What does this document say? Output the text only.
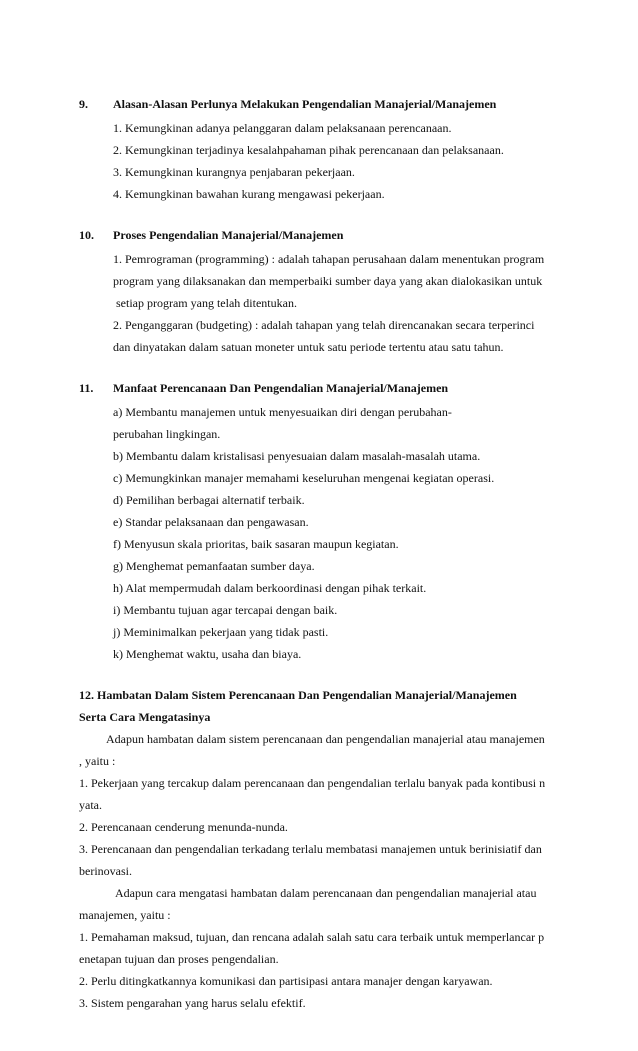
9. Alasan-Alasan Perlunya Melakukan Pengendalian Manajerial/Manajemen
1. Kemungkinan adanya pelanggaran dalam pelaksanaan perencanaan.
2. Kemungkinan terjadinya kesalahpahaman pihak perencanaan dan pelaksanaan.
3. Kemungkinan kurangnya penjabaran pekerjaan.
4. Kemungkinan bawahan kurang mengawasi pekerjaan.
10. Proses Pengendalian Manajerial/Manajemen
1. Pemrograman (programming) : adalah tahapan perusahaan dalam menentukan program
program yang dilaksanakan dan memperbaiki sumber daya yang akan dialokasikan untuk
setiap program yang telah ditentukan.
2. Penganggaran (budgeting) : adalah tahapan yang telah direncanakan secara terperinci
dan dinyatakan dalam satuan moneter untuk satu periode tertentu atau satu tahun.
11. Manfaat Perencanaan Dan Pengendalian Manajerial/Manajemen
a) Membantu manajemen untuk menyesuaikan diri dengan perubahan-
perubahan lingkingan.
b) Membantu dalam kristalisasi penyesuaian dalam masalah-masalah utama.
c) Memungkinkan manajer memahami keseluruhan mengenai kegiatan operasi.
d) Pemilihan berbagai alternatif terbaik.
e) Standar pelaksanaan dan pengawasan.
f) Menyusun skala prioritas, baik sasaran maupun kegiatan.
g) Menghemat pemanfaatan sumber daya.
h) Alat mempermudah dalam berkoordinasi dengan pihak terkait.
i) Membantu tujuan agar tercapai dengan baik.
j) Meminimalkan pekerjaan yang tidak pasti.
k) Menghemat waktu, usaha dan biaya.
12. Hambatan Dalam Sistem Perencanaan Dan Pengendalian Manajerial/Manajemen
Serta Cara Mengatasinya
Adapun hambatan dalam sistem perencanaan dan pengendalian manajerial atau manajemen
, yaitu :
1. Pekerjaan yang tercakup dalam perencanaan dan pengendalian terlalu banyak pada kontibusi n
yata.
2. Perencanaan cenderung menunda-nunda.
3. Perencanaan dan pengendalian terkadang terlalu membatasi manajemen untuk berinisiatif dan
berinovasi.
Adapun cara mengatasi hambatan dalam perencanaan dan pengendalian manajerial atau
manajemen, yaitu :
1. Pemahaman maksud, tujuan, dan rencana adalah salah satu cara terbaik untuk memperlancar p
enetapan tujuan dan proses pengendalian.
2. Perlu ditingkatkannya komunikasi dan partisipasi antara manajer dengan karyawan.
3. Sistem pengarahan yang harus selalu efektif.
